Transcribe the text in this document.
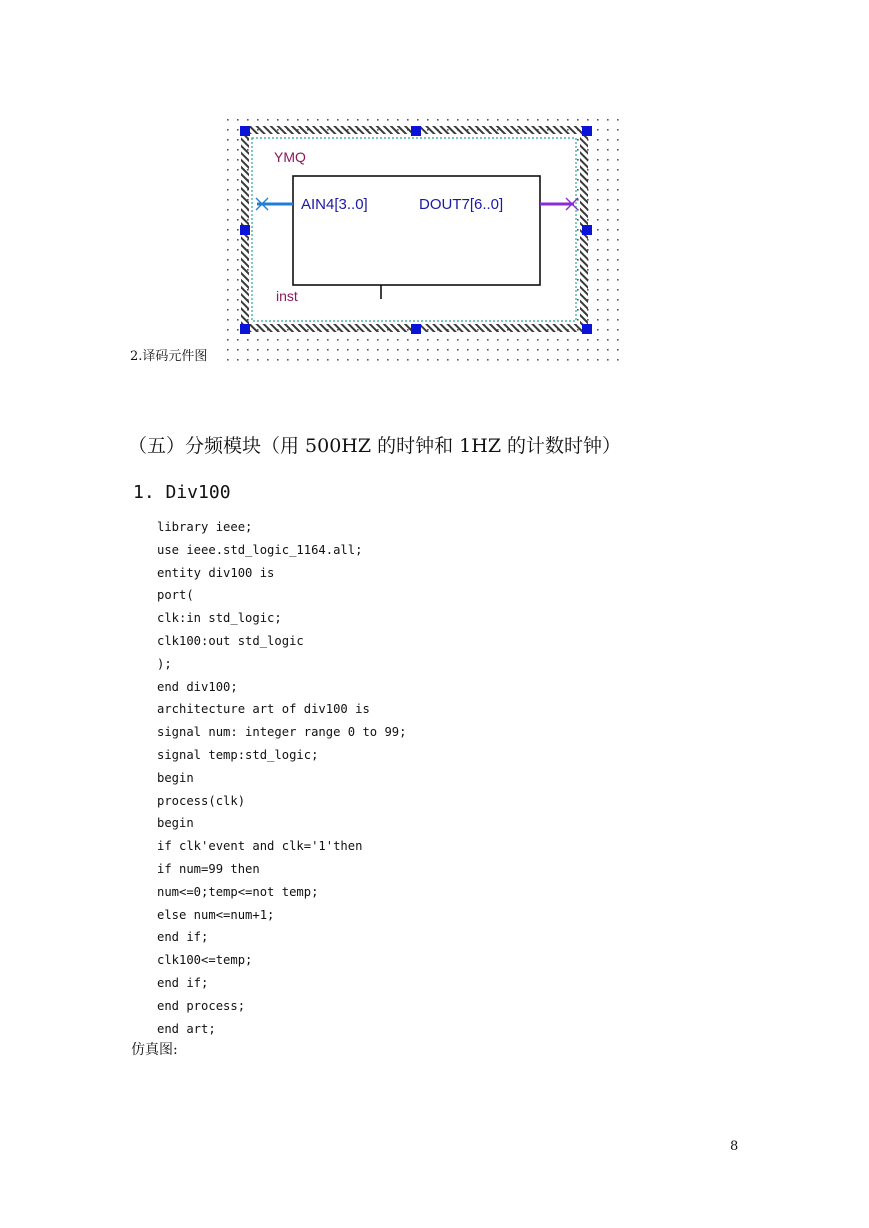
YMQ
AIN4[3..0]	DOUT7[6..0]
inst
2.译码元件图
（五）分频模块（用 500HZ 的时钟和 1HZ 的计数时钟）
1. Div100
library ieee;
use ieee.std_logic_1164.all;
entity div100 is
port(
clk:in std_logic;
clk100:out std_logic
);
end div100;
architecture art of div100 is
signal num: integer range 0 to 99;
signal temp:std_logic;
begin
process(clk)
begin
if clk'event and clk='1'then
if num=99 then
num<=0;temp<=not temp;
else num<=num+1;
end if;
clk100<=temp;
end if;
end process;
end art;
仿真图:
8
